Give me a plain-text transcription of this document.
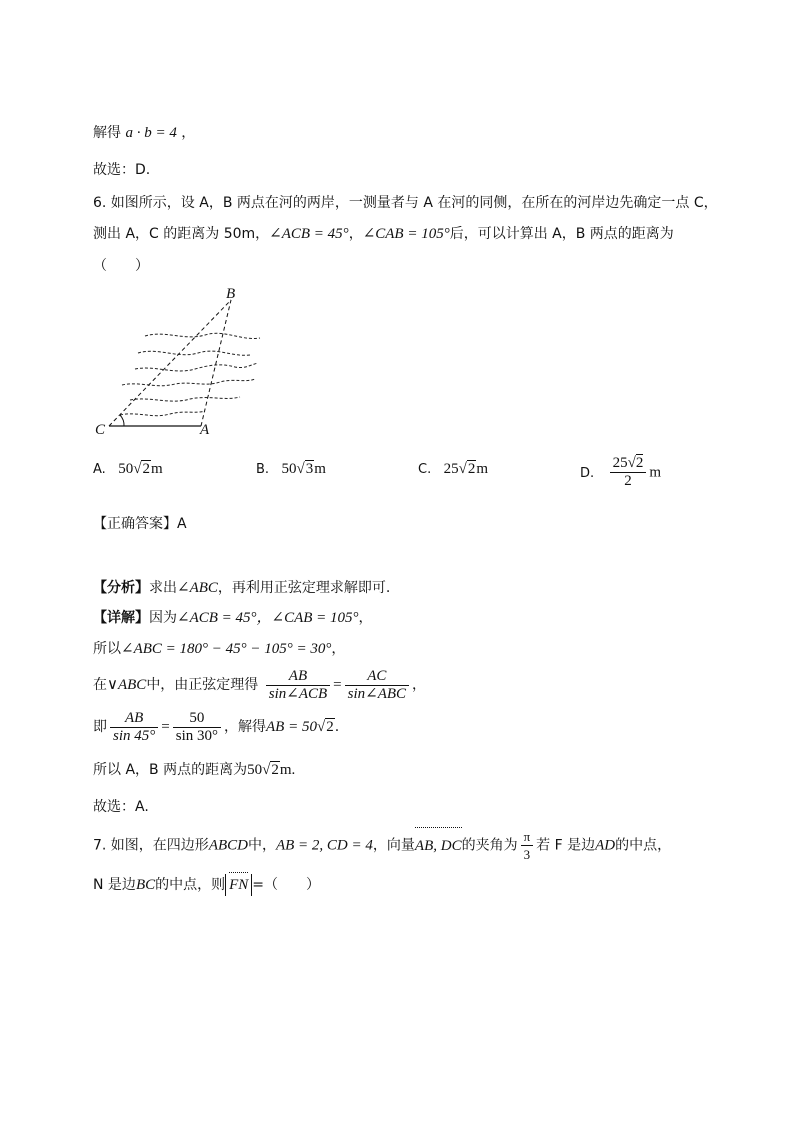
解得 a · b = 4 ，
故选：D.
6. 如图所示，设 A，B 两点在河的两岸，一测量者与 A 在河的同侧，在所在的河岸边先确定一点 C，
测出 A，C 的距离为 50m，∠ACB = 45°，∠CAB = 105°后，可以计算出 A，B 两点的距离为
（　　）
B
C	A
A. 50√2m	B. 50√3m	C. 25√2m	D. $\frac{25√2}{2}$ m
【正确答案】A
【分析】求出∠ABC，再利用正弦定理求解即可.
【详解】因为∠ACB = 45°，∠CAB = 105°，
所以∠ABC = 180° − 45° − 105° = 30°，
在∨ABC中，由正弦定理得 $\frac{AB}{\text{sin∠ACB}} = \frac{AC}{\text{sin∠ABC}}$ ，
即 $\frac{AB}{\sin 45^\circ} = \frac{50}{\sin 30^\circ}$ ，解得AB = 50√2.
所以 A，B 两点的距离为50√2m.
故选：A.
7. 如图，在四边形ABCD中，AB = 2, CD = 4，向量AB, DC的夹角为 $\frac{\pi}{3}$ 若 F 是边AD的中点，
N 是边BC的中点，则 FN =（　　）
